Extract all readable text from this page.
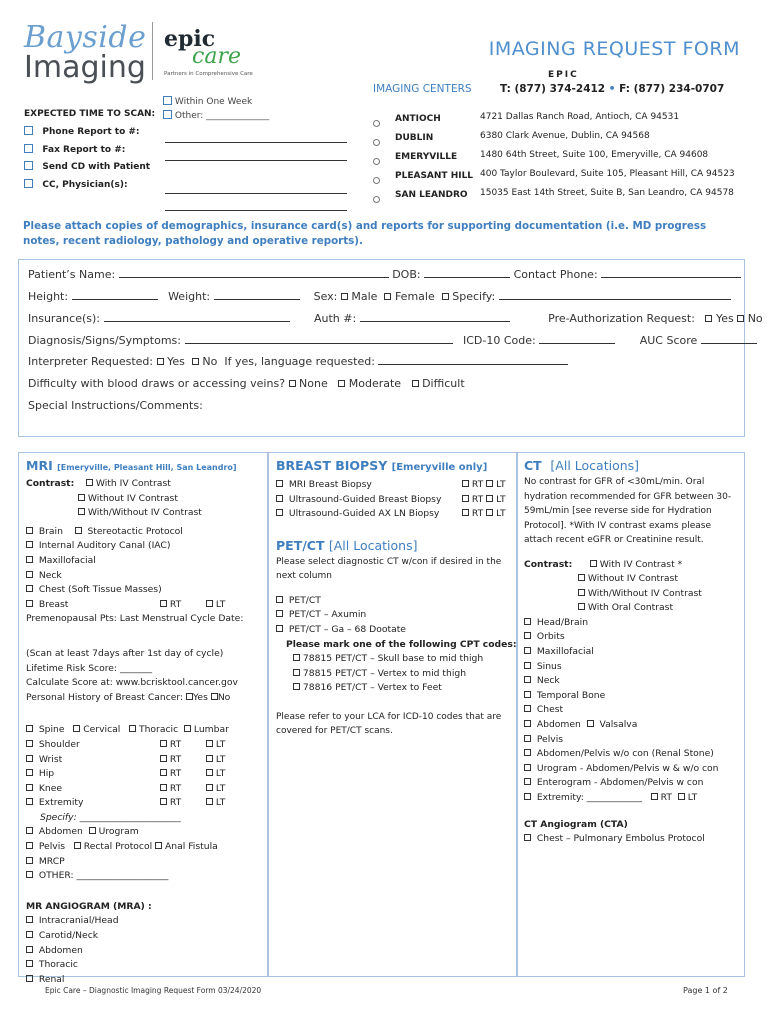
Bayside
Imaging
epic
care
Partners in Comprehensive Care
IMAGING REQUEST FORM
EPIC
IMAGING CENTERS	T: (877) 374-2412 • F: (877) 234-0707
ANTIOCH	4721 Dallas Ranch Road, Antioch, CA 94531
DUBLIN	6380 Clark Avenue, Dublin, CA 94568
EMERYVILLE	1480 64th Street, Suite 100, Emeryville, CA 94608
PLEASANT HILL 400 Taylor Boulevard, Suite 105, Pleasant Hill, CA 94523
SAN LEANDRO 15035 East 14th Street, Suite B, San Leandro, CA 94578
EXPECTED TIME TO SCAN:
Within One Week
Other: ______________
Phone Report to #:
Fax Report to #:
Send CD with Patient
CC, Physician(s):
Please attach copies of demographics, insurance card(s) and reports for supporting documentation (i.e. MD progress notes, recent radiology, pathology and operative reports).
Patient’s Name:	DOB:	Contact Phone:
Height:	Weight:	Sex: Male Female Specify:
Insurance(s):	Auth #:	Pre-Authorization Request: Yes No
Diagnosis/Signs/Symptoms:	ICD-10 Code:	AUC Score
Interpreter Requested: Yes No If yes, language requested:
Difficulty with blood draws or accessing veins? None Moderate Difficult
Special Instructions/Comments:
MRI [Emeryville, Pleasant Hill, San Leandro]
Contrast: With IV Contrast
Without IV Contrast
With/Without IV Contrast
Brain	Stereotactic Protocol
Internal Auditory Canal (IAC)
Maxillofacial
Neck
Chest (Soft Tissue Masses)
Breast	RT	LT
Premenopausal Pts: Last Menstrual Cycle Date:
(Scan at least 7days after 1st day of cycle)
Lifetime Risk Score: _______
Calculate Score at: www.bcrisktool.cancer.gov
Personal History of Breast Cancer: Yes No
Spine Cervical Thoracic Lumbar
Shoulder	RT	LT
Wrist	RT	LT
Hip	RT	LT
Knee	RT	LT
Extremity	RT	LT
Specify: ______________________
Abdomen Urogram
Pelvis Rectal Protocol Anal Fistula
MRCP
OTHER: ____________________
MR ANGIOGRAM (MRA) :
Intracranial/Head
Carotid/Neck
Abdomen
Thoracic
Renal
BREAST BIOPSY [Emeryville only]
MRI Breast Biopsy	RT LT
Ultrasound-Guided Breast Biopsy	RT LT
Ultrasound-Guided AX LN Biopsy	RT LT
PET/CT [All Locations]
Please select diagnostic CT w/con if desired in the next column
PET/CT
PET/CT – Axumin
PET/CT – Ga – 68 Dootate
Please mark one of the following CPT codes:
78815 PET/CT – Skull base to mid thigh
78815 PET/CT – Vertex to mid thigh
78816 PET/CT – Vertex to Feet
Please refer to your LCA for ICD-10 codes that are covered for PET/CT scans.
CT [All Locations]
No contrast for GFR of <30mL/min. Oral hydration recommended for GFR between 30-59mL/min [see reverse side for Hydration Protocol]. *With IV contrast exams please attach recent eGFR or Creatinine result.
Contrast:	With IV Contrast *
Without IV Contrast
With/Without IV Contrast
With Oral Contrast
Head/Brain
Orbits
Maxillofacial
Sinus
Neck
Temporal Bone
Chest
Abdomen Valsalva
Pelvis
Abdomen/Pelvis w/o con (Renal Stone)
Urogram - Abdomen/Pelvis w & w/o con
Enterogram - Abdomen/Pelvis w con
Extremity: ____________ RT LT
CT Angiogram (CTA)
Chest – Pulmonary Embolus Protocol
Epic Care – Diagnostic Imaging Request Form 03/24/2020	Page 1 of 2
